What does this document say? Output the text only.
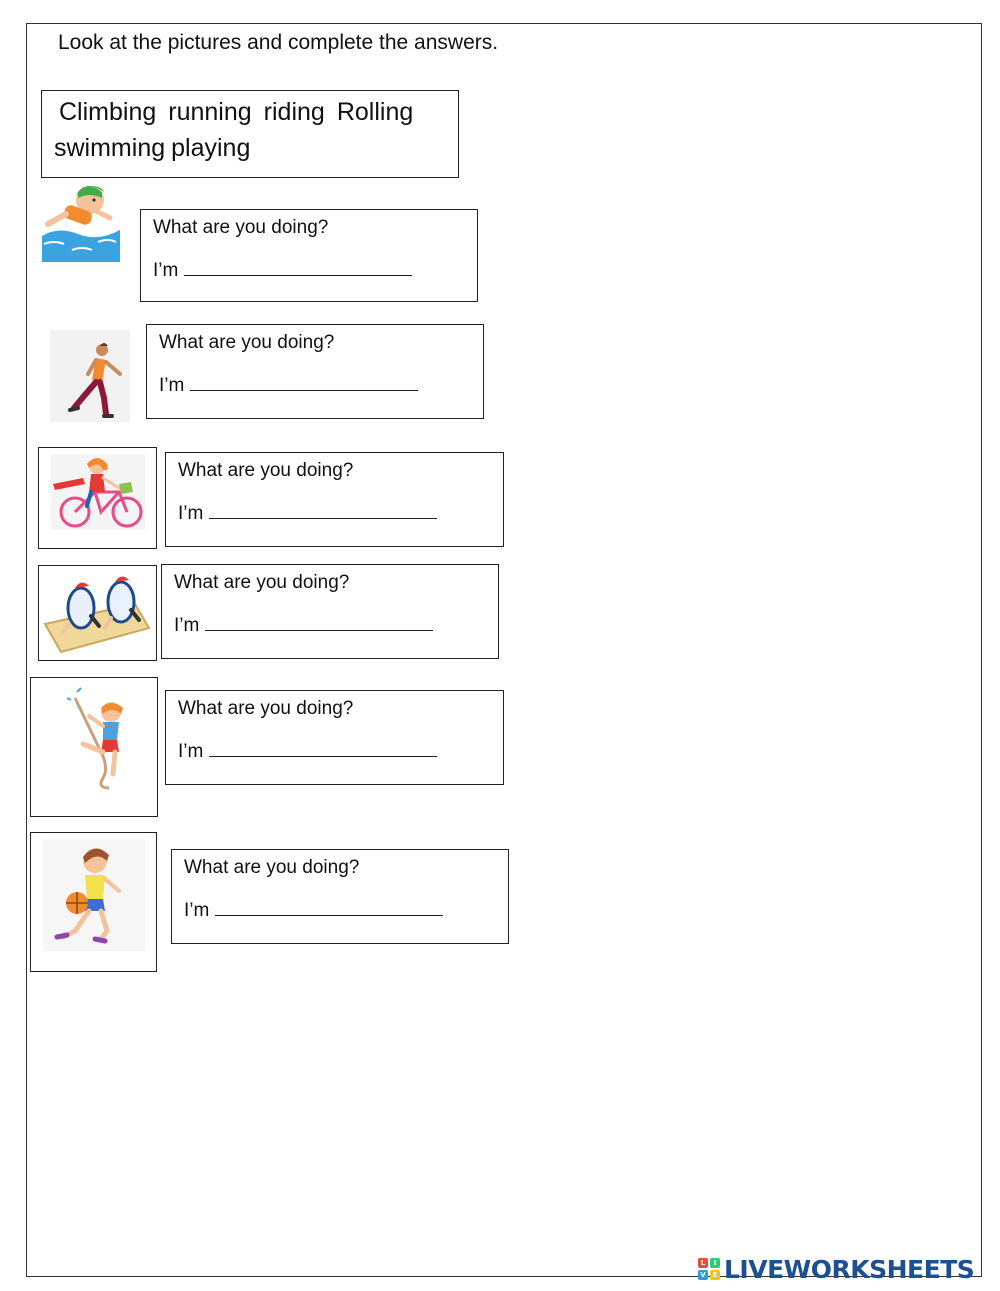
Look at the pictures and complete the answers.
Climbing running riding Rolling
swimming playing
What are you doing?
I’m
What are you doing?
I’m
What are you doing?
I’m
What are you doing?
I’m
What are you doing?
I’m
What are you doing?
I’m
L	I
V E LIVEWORKSHEETS
